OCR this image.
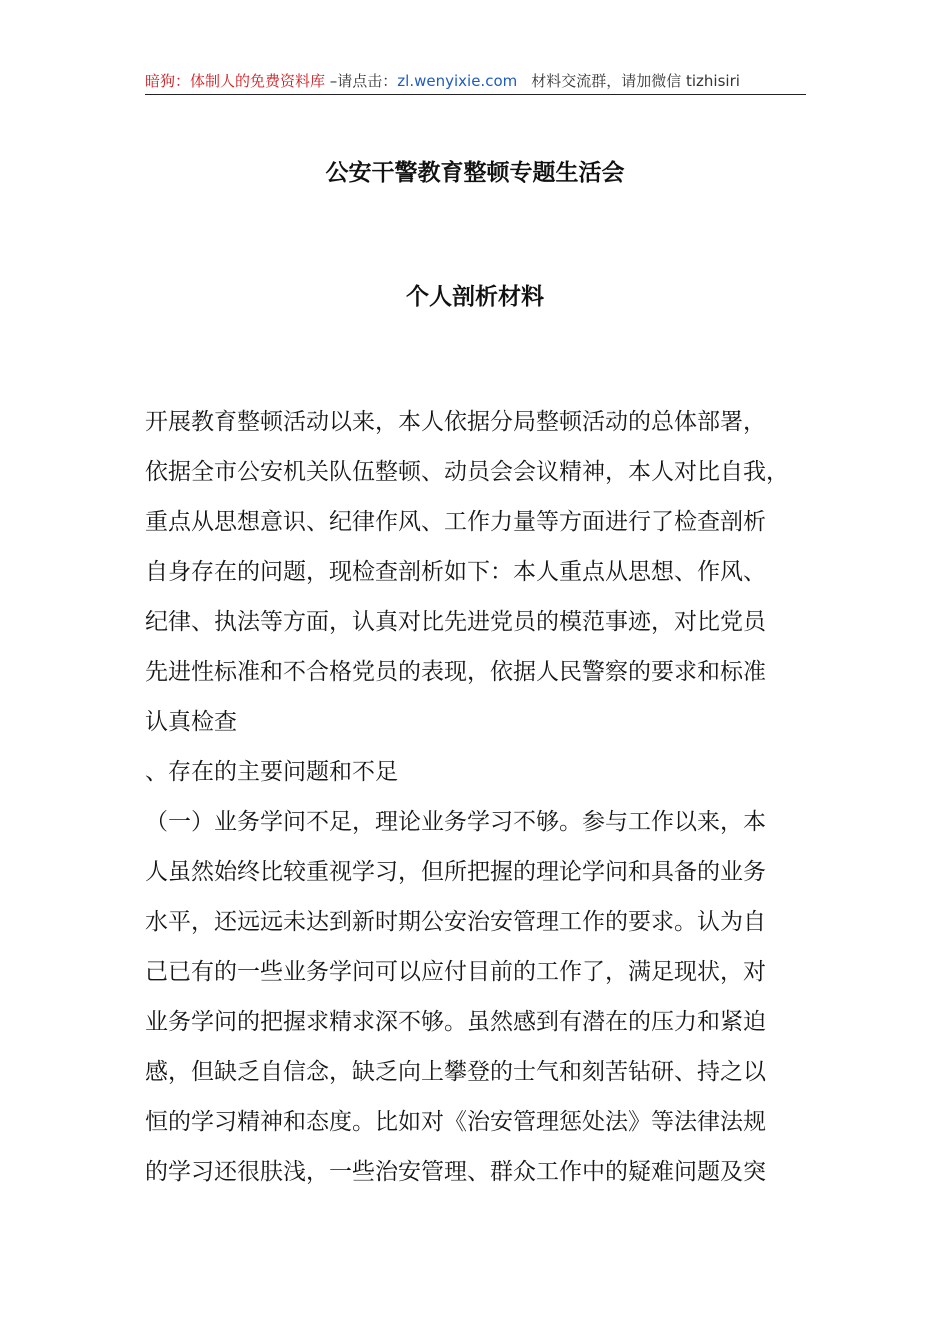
暗狗：体制人的免费资料库 –请点击：zl.wenyixie.com 材料交流群，请加微信 tizhisiri
公安干警教育整顿专题生活会
个人剖析材料
开展教育整顿活动以来，本人依据分局整顿活动的总体部署，
依据全市公安机关队伍整顿、动员会会议精神，本人对比自我，
重点从思想意识、纪律作风、工作力量等方面进行了检查剖析
自身存在的问题，现检查剖析如下：本人重点从思想、作风、
纪律、执法等方面，认真对比先进党员的模范事迹，对比党员
先进性标准和不合格党员的表现，依据人民警察的要求和标准
认真检查
、存在的主要问题和不足
（一）业务学问不足，理论业务学习不够。参与工作以来，本
人虽然始终比较重视学习，但所把握的理论学问和具备的业务
水平，还远远未达到新时期公安治安管理工作的要求。认为自
己已有的一些业务学问可以应付目前的工作了，满足现状，对
业务学问的把握求精求深不够。虽然感到有潜在的压力和紧迫
感，但缺乏自信念，缺乏向上攀登的士气和刻苦钻研、持之以
恒的学习精神和态度。比如对《治安管理惩处法》等法律法规
的学习还很肤浅，一些治安管理、群众工作中的疑难问题及突
